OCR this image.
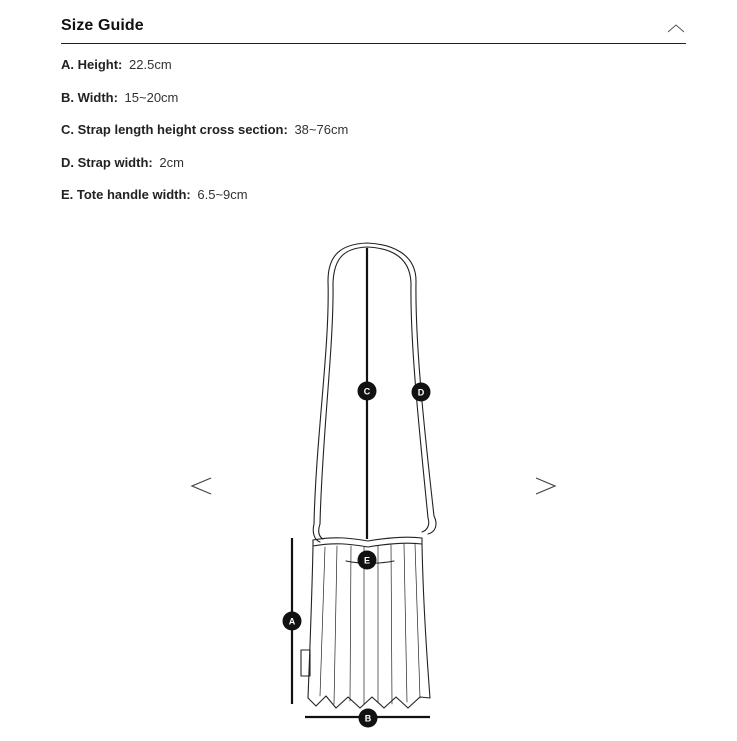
Size Guide
A. Height: 22.5cm
B. Width: 15~20cm
C. Strap length height cross section: 38~76cm
D. Strap width: 2cm
E. Tote handle width: 6.5~9cm
C	D
E
A
B
